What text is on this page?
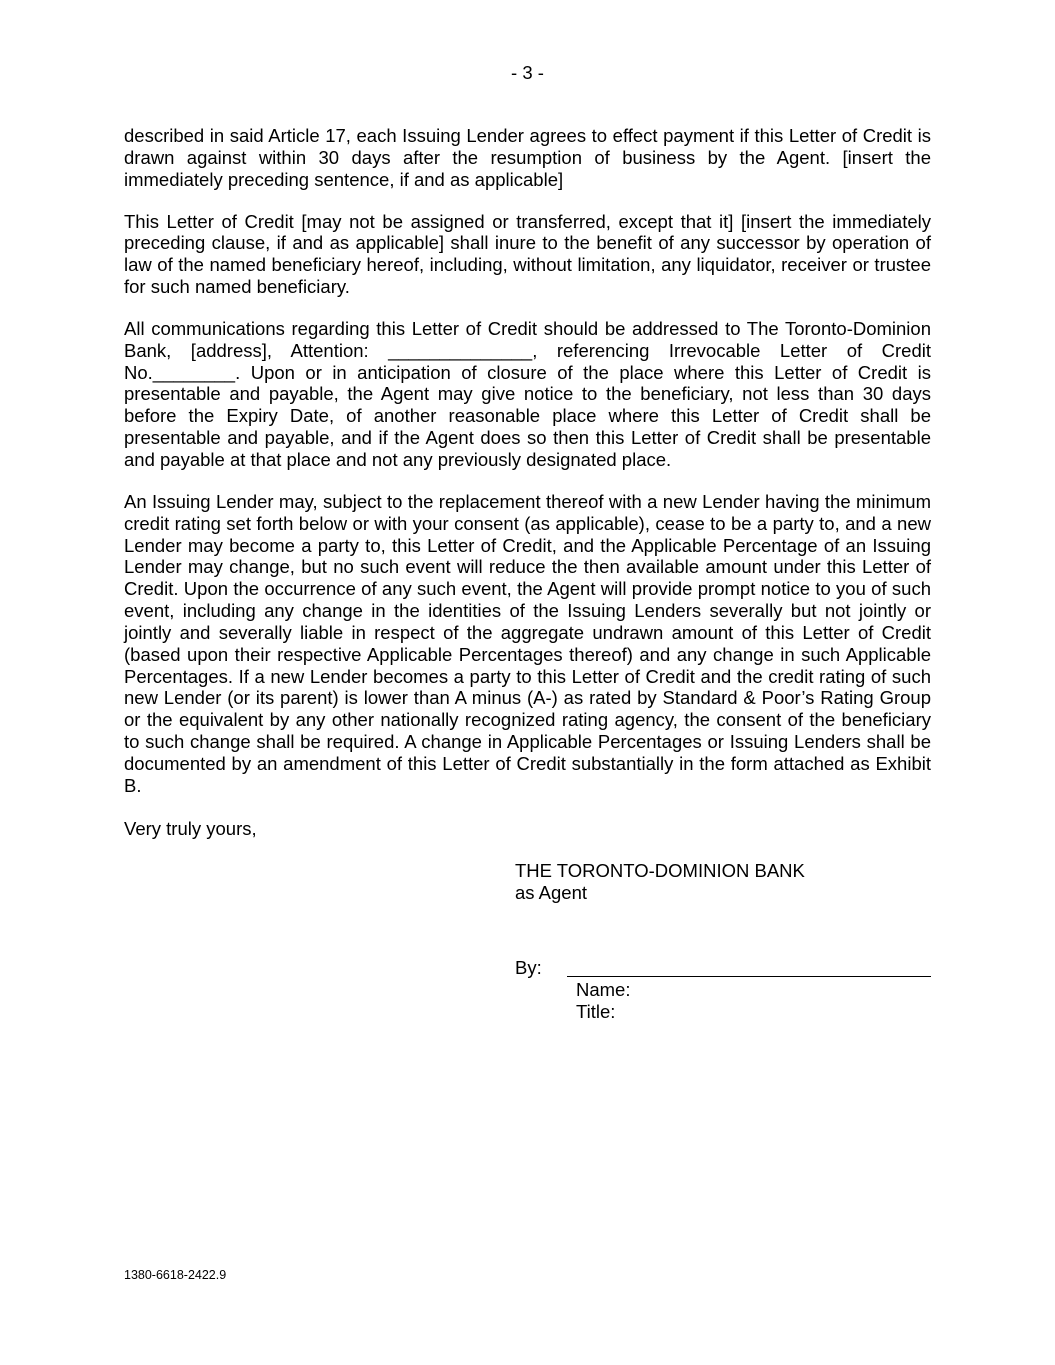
- 3 -

described in said Article 17, each Issuing Lender agrees to effect payment if this Letter of Credit is drawn against within 30 days after the resumption of business by the Agent. [insert the immediately preceding sentence, if and as applicable]

This Letter of Credit [may not be assigned or transferred, except that it] [insert the immediately preceding clause, if and as applicable] shall inure to the benefit of any successor by operation of law of the named beneficiary hereof, including, without limitation, any liquidator, receiver or trustee for such named beneficiary.

All communications regarding this Letter of Credit should be addressed to The Toronto-Dominion Bank, [address], Attention: ______________, referencing Irrevocable Letter of Credit No.________. Upon or in anticipation of closure of the place where this Letter of Credit is presentable and payable, the Agent may give notice to the beneficiary, not less than 30 days before the Expiry Date, of another reasonable place where this Letter of Credit shall be presentable and payable, and if the Agent does so then this Letter of Credit shall be presentable and payable at that place and not any previously designated place.

An Issuing Lender may, subject to the replacement thereof with a new Lender having the minimum credit rating set forth below or with your consent (as applicable), cease to be a party to, and a new Lender may become a party to, this Letter of Credit, and the Applicable Percentage of an Issuing Lender may change, but no such event will reduce the then available amount under this Letter of Credit. Upon the occurrence of any such event, the Agent will provide prompt notice to you of such event, including any change in the identities of the Issuing Lenders severally but not jointly or jointly and severally liable in respect of the aggregate undrawn amount of this Letter of Credit (based upon their respective Applicable Percentages thereof) and any change in such Applicable Percentages. If a new Lender becomes a party to this Letter of Credit and the credit rating of such new Lender (or its parent) is lower than A minus (A-) as rated by Standard & Poor’s Rating Group or the equivalent by any other nationally recognized rating agency, the consent of the beneficiary to such change shall be required. A change in Applicable Percentages or Issuing Lenders shall be documented by an amendment of this Letter of Credit substantially in the form attached as Exhibit B.

Very truly yours,
THE TORONTO-DOMINION BANK
as Agent
By:
Name:
Title:
1380-6618-2422.9
